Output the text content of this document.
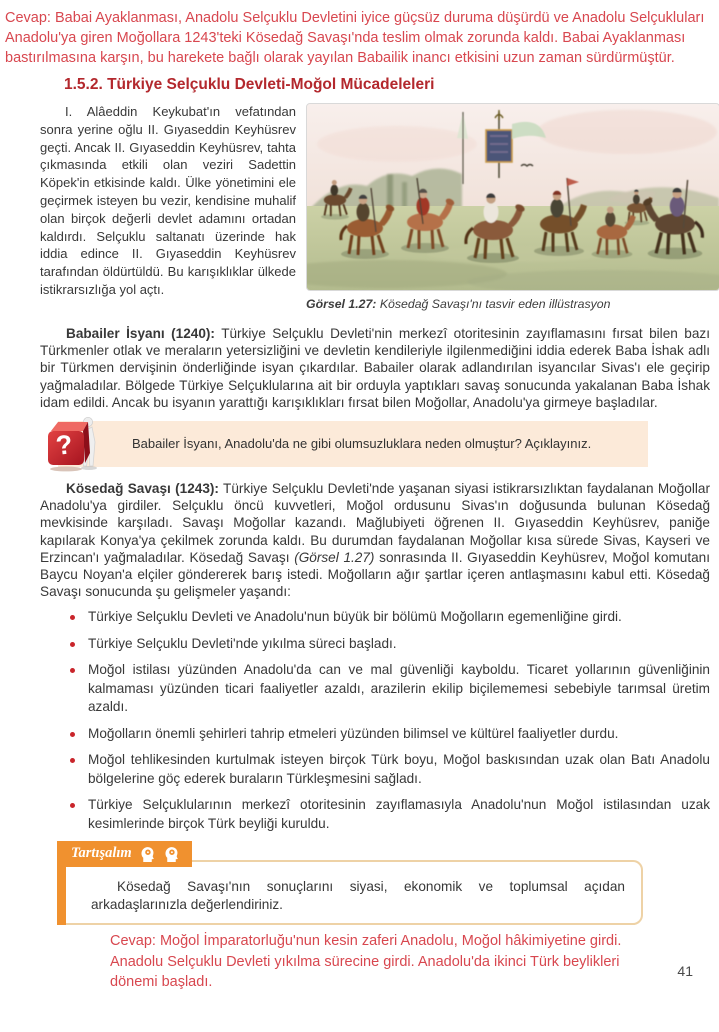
Cevap: Babai Ayaklanması, Anadolu Selçuklu Devletini iyice güçsüz duruma düşürdü ve Anadolu Selçukluları Anadolu'ya giren Moğollara 1243'teki Kösedağ Savaşı'nda teslim olmak zorunda kaldı. Babai Ayaklanması bastırılmasına karşın, bu harekete bağlı olarak yayılan Babailik inancı etkisini uzun zaman sürdürmüştür.

1.5.2. Türkiye Selçuklu Devleti-Moğol Mücadeleleri

I. Alâeddin Keykubat'ın vefatından sonra yerine oğlu II. Gıyaseddin Keyhüsrev geçti. Ancak II. Gıyaseddin Keyhüsrev, tahta çıkmasında etkili olan veziri Sadettin Köpek'in etkisinde kaldı. Ülke yönetimini ele geçirmek isteyen bu vezir, kendisine muhalif olan birçok değerli devlet adamını ortadan kaldırdı. Selçuklu saltanatı üzerinde hak iddia edince II. Gıyaseddin Keyhüsrev tarafından öldürtüldü. Bu karışıklıklar ülkede istikrarsızlığa yol açtı.

Görsel 1.27: Kösedağ Savaşı'nı tasvir eden illüstrasyon

Babailer İsyanı (1240): Türkiye Selçuklu Devleti'nin merkezî otoritesinin zayıflamasını fırsat bilen bazı Türkmenler otlak ve meraların yetersizliğini ve devletin kendileriyle ilgilenmediğini iddia ederek Baba İshak adlı bir Türkmen dervişinin önderliğinde isyan çıkardılar. Babailer olarak adlandırılan isyancılar Sivas'ı ele geçirip yağmaladılar. Bölgede Türkiye Selçuklularına ait bir orduyla yaptıkları savaş sonucunda yakalanan Baba İshak idam edildi. Ancak bu isyanın yarattığı karışıklıkları fırsat bilen Moğollar, Anadolu'ya girmeye başladılar.

?	Babailer İsyanı, Anadolu'da ne gibi olumsuzluklara neden olmuştur? Açıklayınız.

Kösedağ Savaşı (1243): Türkiye Selçuklu Devleti'nde yaşanan siyasi istikrarsızlıktan faydalanan Moğollar Anadolu'ya girdiler. Selçuklu öncü kuvvetleri, Moğol ordusunu Sivas'ın doğusunda bulunan Kösedağ mevkisinde karşıladı. Savaşı Moğollar kazandı. Mağlubiyeti öğrenen II. Gıyaseddin Keyhüsrev, paniğe kapılarak Konya'ya çekilmek zorunda kaldı. Bu durumdan faydalanan Moğollar kısa sürede Sivas, Kayseri ve Erzincan'ı yağmaladılar. Kösedağ Savaşı (Görsel 1.27) sonrasında II. Gıyaseddin Keyhüsrev, Moğol komutanı Baycu Noyan'a elçiler göndererek barış istedi. Moğolların ağır şartlar içeren antlaşmasını kabul etti. Kösedağ Savaşı sonucunda şu gelişmeler yaşandı:

Türkiye Selçuklu Devleti ve Anadolu'nun büyük bir bölümü Moğolların egemenliğine girdi.
Türkiye Selçuklu Devleti'nde yıkılma süreci başladı.
Moğol istilası yüzünden Anadolu'da can ve mal güvenliği kayboldu. Ticaret yollarının güvenliğinin kalmaması yüzünden ticari faaliyetler azaldı, arazilerin ekilip biçilememesi sebebiyle tarımsal üretim azaldı.
Moğolların önemli şehirleri tahrip etmeleri yüzünden bilimsel ve kültürel faaliyetler durdu.
Moğol tehlikesinden kurtulmak isteyen birçok Türk boyu, Moğol baskısından uzak olan Batı Anadolu bölgelerine göç ederek buraların Türkleşmesini sağladı.
Türkiye Selçuklularının merkezî otoritesinin zayıflamasıyla Anadolu'nun Moğol istilasından uzak kesimlerinde birçok Türk beyliği kuruldu.
Tartışalım

Kösedağ Savaşı'nın sonuçlarını siyasi, ekonomik ve toplumsal açıdan arkadaşlarınızla değerlendiriniz.

Cevap: Moğol İmparatorluğu'nun kesin zaferi Anadolu, Moğol hâkimiyetine girdi. Anadolu Selçuklu Devleti yıkılma sürecine girdi. Anadolu'da ikinci Türk beylikleri dönemi başladı.

41
